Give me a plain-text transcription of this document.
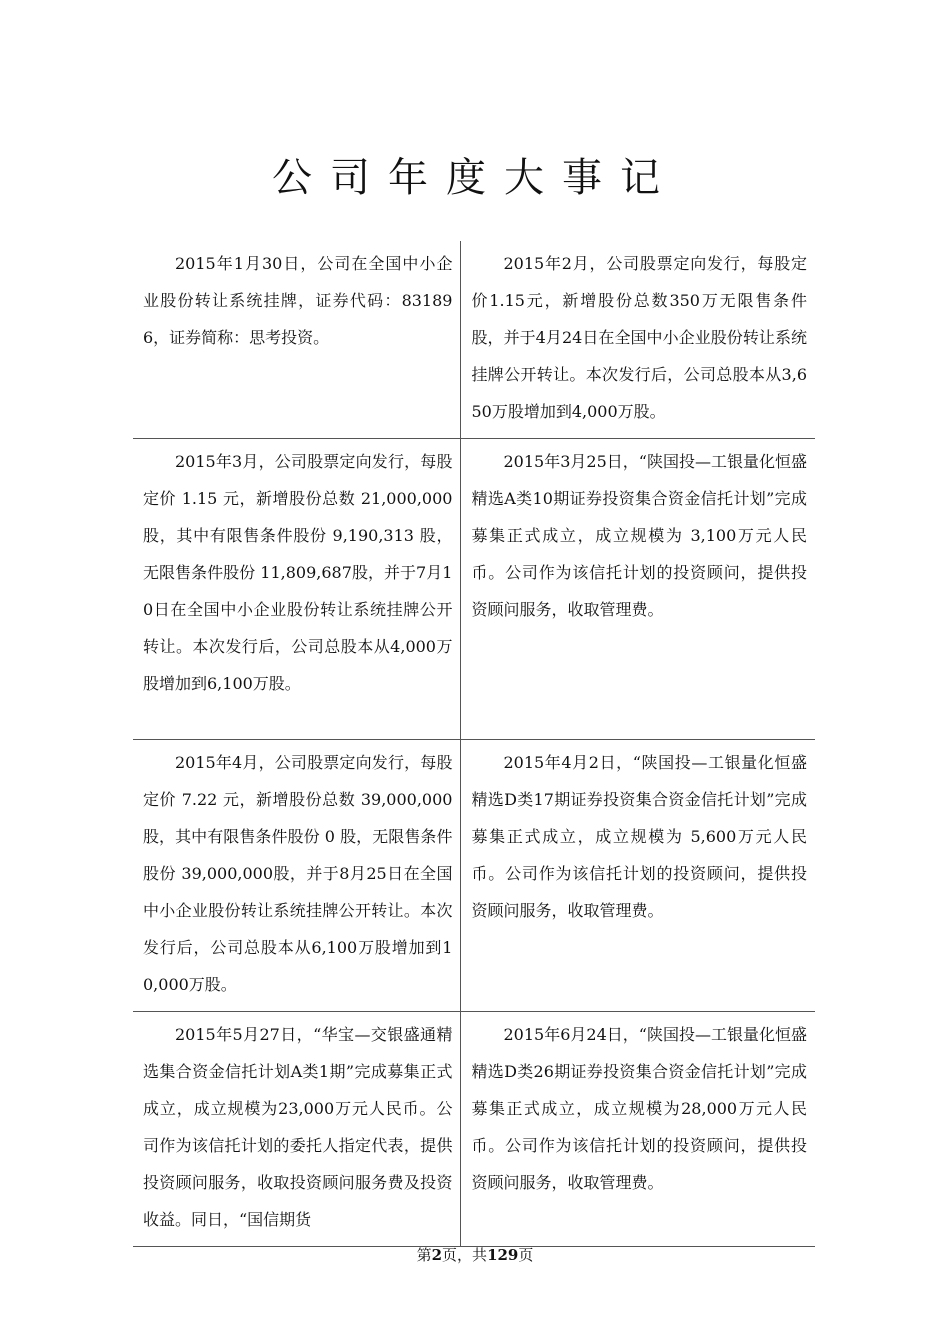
公司年度大事记
2015年1月30日，公司在全国中小企业股份转让系统挂牌，证券代码：831896，证券简称：思考投资。	2015年2月，公司股票定向发行，每股定价1.15元，新增股份总数350万无限售条件股，并于4月24日在全国中小企业股份转让系统挂牌公开转让。本次发行后，公司总股本从3,650万股增加到4,000万股。
2015年3月，公司股票定向发行，每股定价 1.15 元，新增股份总数 21,000,000 股，其中有限售条件股份 9,190,313 股，无限售条件股份 11,809,687股，并于7月10日在全国中小企业股份转让系统挂牌公开转让。本次发行后，公司总股本从4,000万股增加到6,100万股。	2015年3月25日，“陕国投—工银量化恒盛精选A类10期证券投资集合资金信托计划”完成募集正式成立，成立规模为 3,100万元人民币。公司作为该信托计划的投资顾问，提供投资顾问服务，收取管理费。
2015年4月，公司股票定向发行，每股定价 7.22 元，新增股份总数 39,000,000 股，其中有限售条件股份 0 股，无限售条件股份 39,000,000股，并于8月25日在全国中小企业股份转让系统挂牌公开转让。本次发行后，公司总股本从6,100万股增加到10,000万股。	2015年4月2日，“陕国投—工银量化恒盛精选D类17期证券投资集合资金信托计划”完成募集正式成立，成立规模为 5,600万元人民币。公司作为该信托计划的投资顾问，提供投资顾问服务，收取管理费。
2015年5月27日，“华宝—交银盛通精选集合资金信托计划A类1期”完成募集正式成立，成立规模为23,000万元人民币。公司作为该信托计划的委托人指定代表，提供投资顾问服务，收取投资顾问服务费及投资收益。同日，“国信期货	2015年6月24日，“陕国投—工银量化恒盛精选D类26期证券投资集合资金信托计划”完成募集正式成立，成立规模为28,000万元人民币。公司作为该信托计划的投资顾问，提供投资顾问服务，收取管理费。
第2页，共129页
